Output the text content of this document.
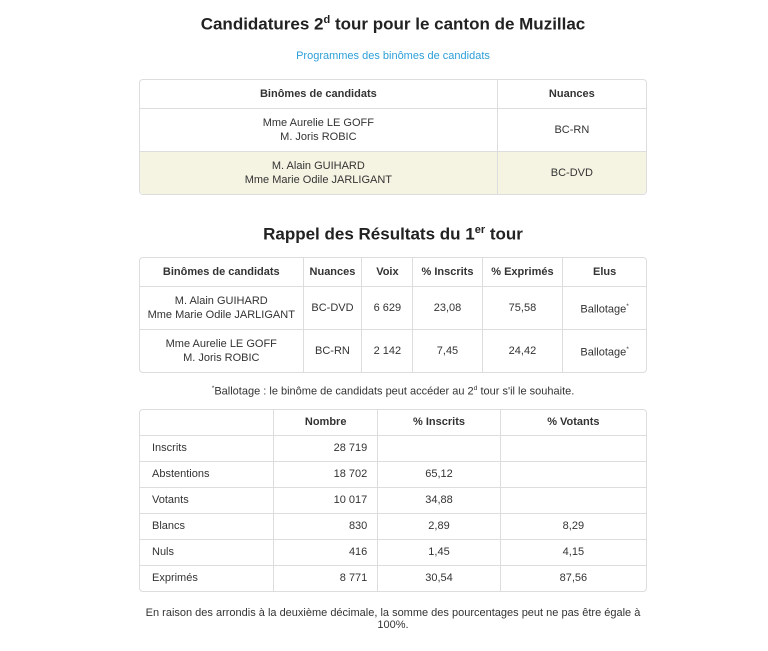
Candidatures 2$^d$ tour pour le canton de Muzillac
Programmes des binômes de candidats
Binômes de candidats	Nuances

Mme Aurelie LE GOFF
M. Joris ROBIC	BC-RN

M. Alain GUIHARD
Mme Marie Odile JARLIGANT	BC-DVD
Rappel des Résultats du 1er tour
Binômes de candidats	Nuances	Voix	% Inscrits	% Exprimés	Elus

M. Alain GUIHARD
Mme Marie Odile JARLIGANT	BC-DVD	6 629	23,08	75,58	Ballotage*

Mme Aurelie LE GOFF
M. Joris ROBIC	BC-RN	2 142	7,45	24,42	Ballotage*
*Ballotage : le binôme de candidats peut accéder au 2$^d$ tour s'il le souhaite.
	Nombre	% Inscrits	% Votants
Inscrits	28 719		
Abstentions	18 702	65,12	
Votants	10 017	34,88	
Blancs	830	2,89	8,29
Nuls	416	1,45	4,15
Exprimés	8 771	30,54	87,56
En raison des arrondis à la deuxième décimale, la somme des pourcentages peut ne pas être égale à 100%.
